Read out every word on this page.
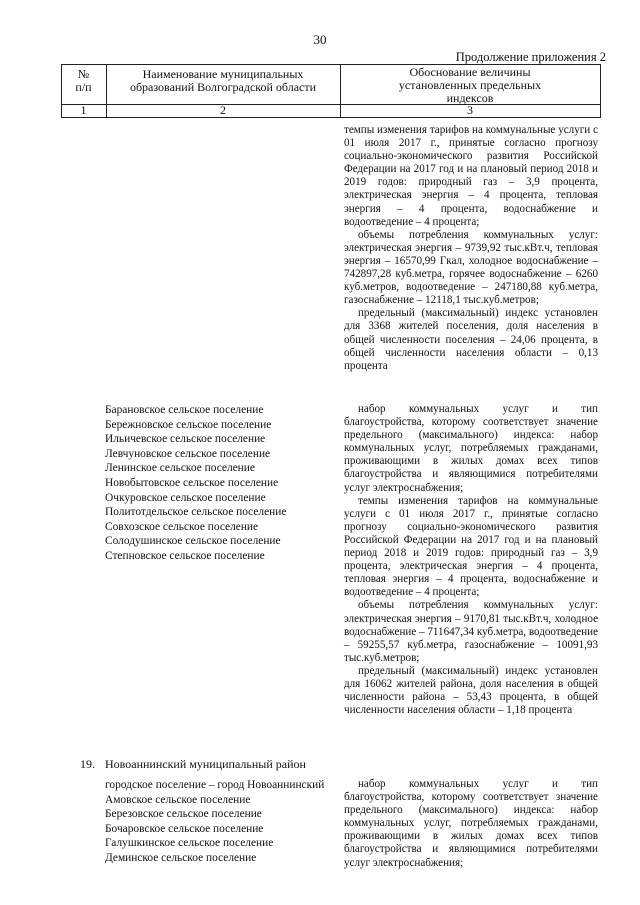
30
Продолжение приложения 2
№
п/п
Наименование муниципальных
образований Волгоградской области
Обоснование величины
установленных предельных
индексов
1	2	3

темпы изменения тарифов на коммунальные услуги с 01 июля 2017 г., принятые согласно прогнозу социально-экономического развития Российской Федерации на 2017 год и на плановый период 2018 и 2019 годов: природный газ – 3,9 процента, электрическая энергия – 4 процента, тепловая энергия – 4 процента, водоснабжение и водоотведение – 4 процента;

объемы потребления коммунальных услуг: электрическая энергия – 9739,92 тыс.кВт.ч, тепловая энергия – 16570,99 Гкал, холодное водоснабжение – 742897,28 куб.метра, горячее водоснабжение – 6260 куб.метров, водоотведение – 247180,88 куб.метра, газоснабжение – 12118,1 тыс.куб.метров;

предельный (максимальный) индекс установлен для 3368 жителей поселения, доля населения в общей численности поселения – 24,06 процента, в общей численности населения области – 0,13 процента

Барановское сельское поселение
Бережновское сельское поселение
Ильичевское сельское поселение
Левчуновское сельское поселение
Ленинское сельское поселение
Новобытовское сельское поселение
Очкуровское сельское поселение
Политотдельское сельское поселение
Совхозское сельское поселение
Солодушинское сельское поселение
Степновское сельское поселение

набор коммунальных услуг и тип благоустройства, которому соответствует значение предельного (максимального) индекса: набор коммунальных услуг, потребляемых гражданами, проживающими в жилых домах всех типов благоустройства и являющимися потребителями услуг электроснабжения;

темпы изменения тарифов на коммунальные услуги с 01 июля 2017 г., принятые согласно прогнозу социально-экономического развития Российской Федерации на 2017 год и на плановый период 2018 и 2019 годов: природный газ – 3,9 процента, электрическая энергия – 4 процента, тепловая энергия – 4 процента, водоснабжение и водоотведение – 4 процента;

объемы потребления коммунальных услуг: электрическая энергия – 9170,81 тыс.кВт.ч, холодное водоснабжение – 711647,34 куб.метра, водоотведение – 59255,57 куб.метра, газоснабжение – 10091,93 тыс.куб.метров;

предельный (максимальный) индекс установлен для 16062 жителей района, доля населения в общей численности района – 53,43 процента, в общей численности населения области – 1,18 процента

19. Новоаннинский муниципальный район
городское поселение – город Новоаннинский
Амовское сельское поселение
Березовское сельское поселение
Бочаровское сельское поселение
Галушкинское сельское поселение
Деминское сельское поселение

набор коммунальных услуг и тип благоустройства, которому соответствует значение предельного (максимального) индекса: набор коммунальных услуг, потребляемых гражданами, проживающими в жилых домах всех типов благоустройства и являющимися потребителями услуг электроснабжения;
